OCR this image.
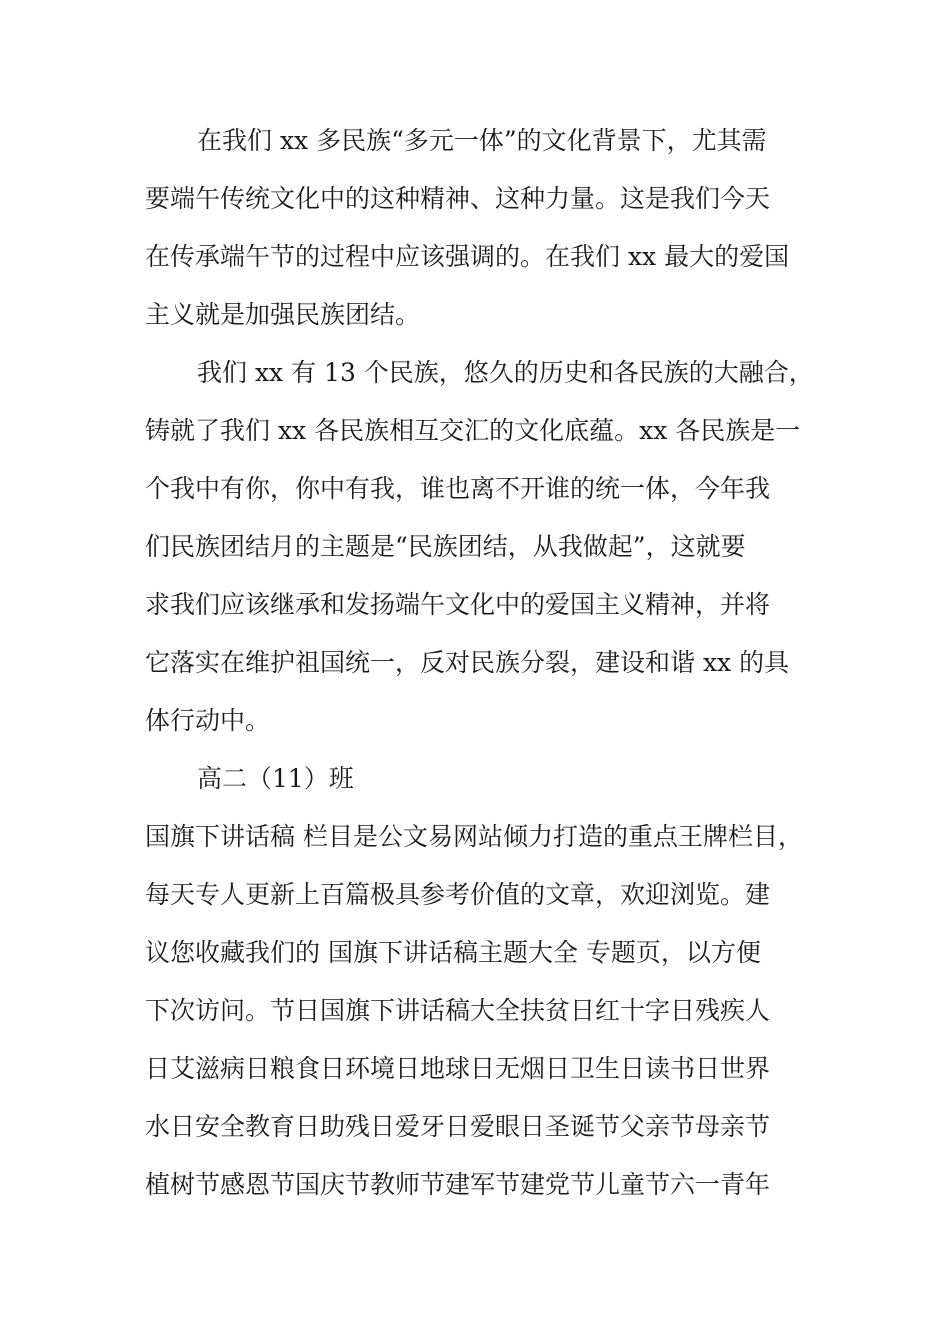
在我们 xx 多民族“多元一体”的文化背景下，尤其需
要端午传统文化中的这种精神、这种力量。这是我们今天
在传承端午节的过程中应该强调的。在我们 xx 最大的爱国
主义就是加强民族团结。
我们 xx 有 13 个民族，悠久的历史和各民族的大融合，
铸就了我们 xx 各民族相互交汇的文化底蕴。xx 各民族是一
个我中有你，你中有我，谁也离不开谁的统一体，今年我
们民族团结月的主题是“民族团结，从我做起”，这就要
求我们应该继承和发扬端午文化中的爱国主义精神，并将
它落实在维护祖国统一，反对民族分裂，建设和谐 xx 的具
体行动中。
高二（11）班
国旗下讲话稿 栏目是公文易网站倾力打造的重点王牌栏目，
每天专人更新上百篇极具参考价值的文章，欢迎浏览。建
议您收藏我们的 国旗下讲话稿主题大全 专题页，以方便
下次访问。节日国旗下讲话稿大全扶贫日红十字日残疾人
日艾滋病日粮食日环境日地球日无烟日卫生日读书日世界
水日安全教育日助残日爱牙日爱眼日圣诞节父亲节母亲节
植树节感恩节国庆节教师节建军节建党节儿童节六一青年
